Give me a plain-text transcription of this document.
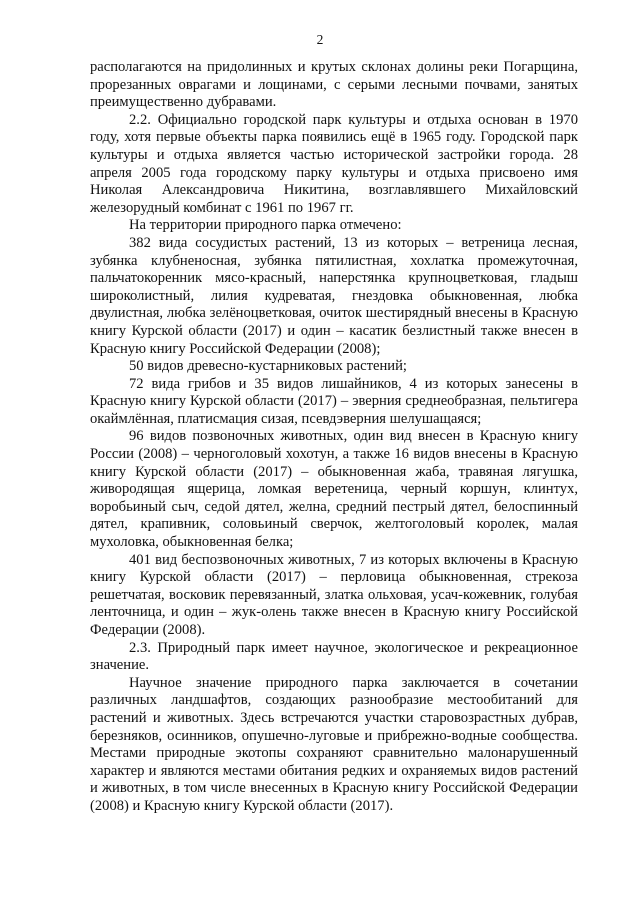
2

располагаются на придолинных и крутых склонах долины реки Погарщина, прорезанных оврагами и лощинами, с серыми лесными почвами, занятых преимущественно дубравами.

2.2. Официально городской парк культуры и отдыха основан в 1970 году, хотя первые объекты парка появились ещё в 1965 году. Городской парк культуры и отдыха является частью исторической застройки города. 28 апреля 2005 года городскому парку культуры и отдыха присвоено имя Николая Александровича Никитина, возглавлявшего Михайловский железорудный комбинат с 1961 по 1967 гг.

На территории природного парка отмечено:

382 вида сосудистых растений, 13 из которых – ветреница лесная, зубянка клубненосная, зубянка пятилистная, хохлатка промежуточная, пальчатокоренник мясо-красный, наперстянка крупноцветковая, гладыш широколистный, лилия кудреватая, гнездовка обыкновенная, любка двулистная, любка зелёноцветковая, очиток шестирядный внесены в Красную книгу Курской области (2017) и один – касатик безлистный также внесен в Красную книгу Российской Федерации (2008);

50 видов древесно-кустарниковых растений;

72 вида грибов и 35 видов лишайников, 4 из которых занесены в Красную книгу Курской области (2017) – эверния среднеобразная, пельтигера окаймлённая, платисмация сизая, псевдэверния шелушащаяся;

96 видов позвоночных животных, один вид внесен в Красную книгу России (2008) – черноголовый хохотун, а также 16 видов внесены в Красную книгу Курской области (2017) – обыкновенная жаба, травяная лягушка, живородящая ящерица, ломкая веретеница, черный коршун, клинтух, воробьиный сыч, седой дятел, желна, средний пестрый дятел, белоспинный дятел, крапивник, соловьиный сверчок, желтоголовый королек, малая мухоловка, обыкновенная белка;

401 вид беспозвоночных животных, 7 из которых включены в Красную книгу Курской области (2017) – перловица обыкновенная, стрекоза решетчатая, восковик перевязанный, златка ольховая, усач-кожевник, голубая ленточница, и один – жук-олень также внесен в Красную книгу Российской Федерации (2008).

2.3. Природный парк имеет научное, экологическое и рекреационное значение.

Научное значение природного парка заключается в сочетании различных ландшафтов, создающих разнообразие местообитаний для растений и животных. Здесь встречаются участки старовозрастных дубрав, березняков, осинников, опушечно-луговые и прибрежно-водные сообщества. Местами природные экотопы сохраняют сравнительно малонарушенный характер и являются местами обитания редких и охраняемых видов растений и животных, в том числе внесенных в Красную книгу Российской Федерации (2008) и Красную книгу Курской области (2017).
